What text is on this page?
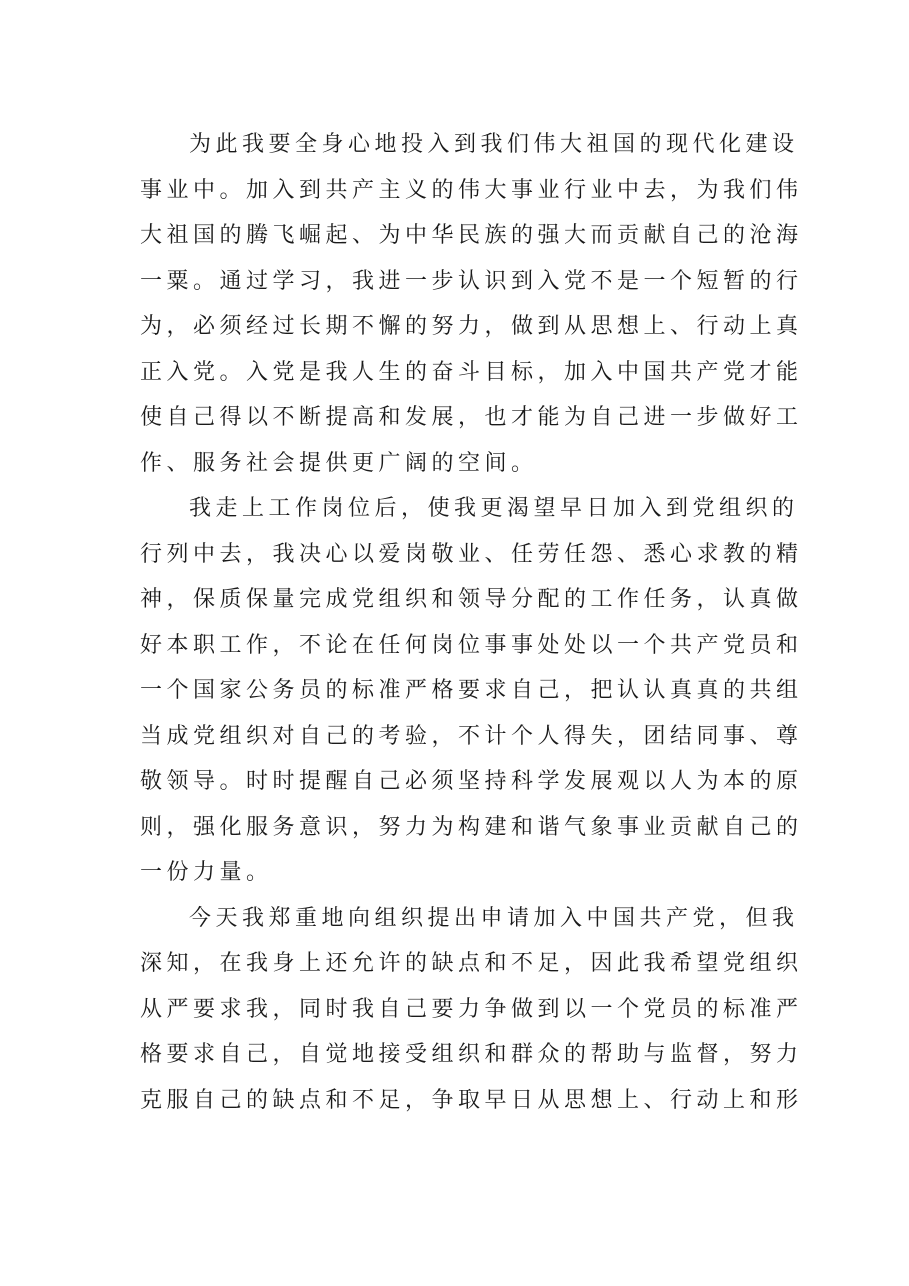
为此我要全身心地投入到我们伟大祖国的现代化建设
事业中。加入到共产主义的伟大事业行业中去，为我们伟
大祖国的腾飞崛起、为中华民族的强大而贡献自己的沧海
一粟。通过学习，我进一步认识到入党不是一个短暂的行
为，必须经过长期不懈的努力，做到从思想上、行动上真
正入党。入党是我人生的奋斗目标，加入中国共产党才能
使自己得以不断提高和发展，也才能为自己进一步做好工
作、服务社会提供更广阔的空间。
我走上工作岗位后，使我更渴望早日加入到党组织的
行列中去，我决心以爱岗敬业、任劳任怨、悉心求教的精
神，保质保量完成党组织和领导分配的工作任务，认真做
好本职工作，不论在任何岗位事事处处以一个共产党员和
一个国家公务员的标准严格要求自己，把认认真真的共组
当成党组织对自己的考验，不计个人得失，团结同事、尊
敬领导。时时提醒自己必须坚持科学发展观以人为本的原
则，强化服务意识，努力为构建和谐气象事业贡献自己的
一份力量。
今天我郑重地向组织提出申请加入中国共产党，但我
深知，在我身上还允许的缺点和不足，因此我希望党组织
从严要求我，同时我自己要力争做到以一个党员的标准严
格要求自己，自觉地接受组织和群众的帮助与监督，努力
克服自己的缺点和不足，争取早日从思想上、行动上和形
